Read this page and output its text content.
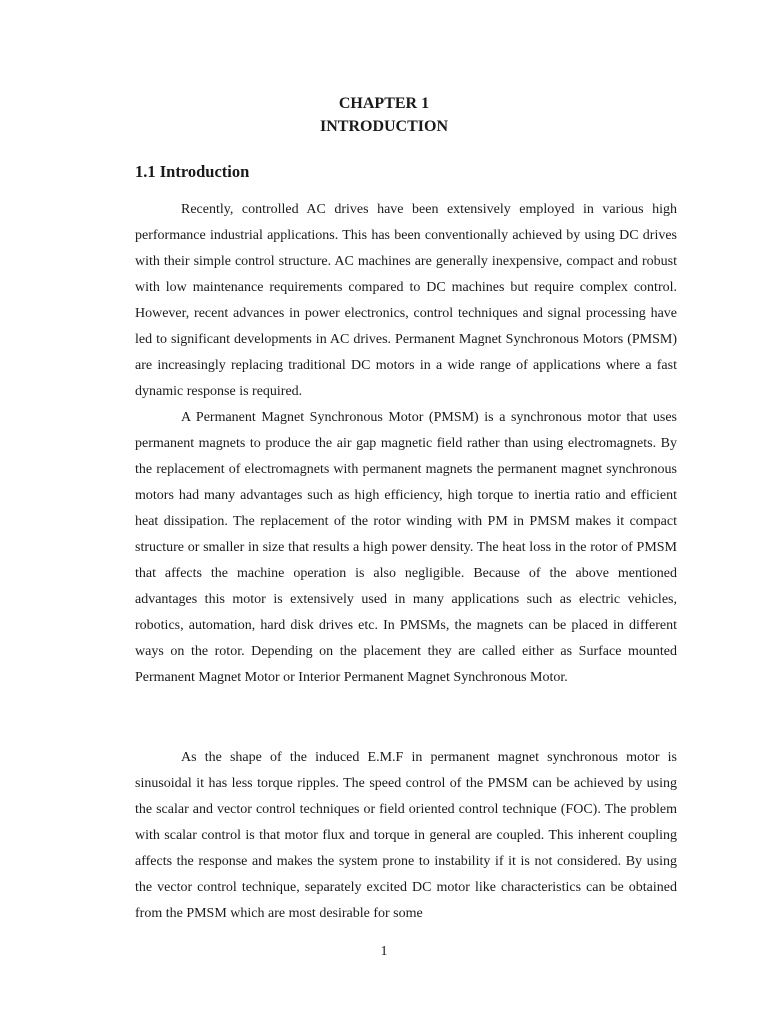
CHAPTER 1
INTRODUCTION
1.1 Introduction

Recently, controlled AC drives have been extensively employed in various high performance industrial applications. This has been conventionally achieved by using DC drives with their simple control structure. AC machines are generally inexpensive, compact and robust with low maintenance requirements compared to DC machines but require complex control. However, recent advances in power electronics, control techniques and signal processing have led to significant developments in AC drives. Permanent Magnet Synchronous Motors (PMSM) are increasingly replacing traditional DC motors in a wide range of applications where a fast dynamic response is required.

A Permanent Magnet Synchronous Motor (PMSM) is a synchronous motor that uses permanent magnets to produce the air gap magnetic field rather than using electromagnets. By the replacement of electromagnets with permanent magnets the permanent magnet synchronous motors had many advantages such as high efficiency, high torque to inertia ratio and efficient heat dissipation. The replacement of the rotor winding with PM in PMSM makes it compact structure or smaller in size that results a high power density. The heat loss in the rotor of PMSM that affects the machine operation is also negligible. Because of the above mentioned advantages this motor is extensively used in many applications such as electric vehicles, robotics, automation, hard disk drives etc. In PMSMs, the magnets can be placed in different ways on the rotor. Depending on the placement they are called either as Surface mounted Permanent Magnet Motor or Interior Permanent Magnet Synchronous Motor.

As the shape of the induced E.M.F in permanent magnet synchronous motor is sinusoidal it has less torque ripples. The speed control of the PMSM can be achieved by using the scalar and vector control techniques or field oriented control technique (FOC). The problem with scalar control is that motor flux and torque in general are coupled. This inherent coupling affects the response and makes the system prone to instability if it is not considered. By using the vector control technique, separately excited DC motor like characteristics can be obtained from the PMSM which are most desirable for some

1
